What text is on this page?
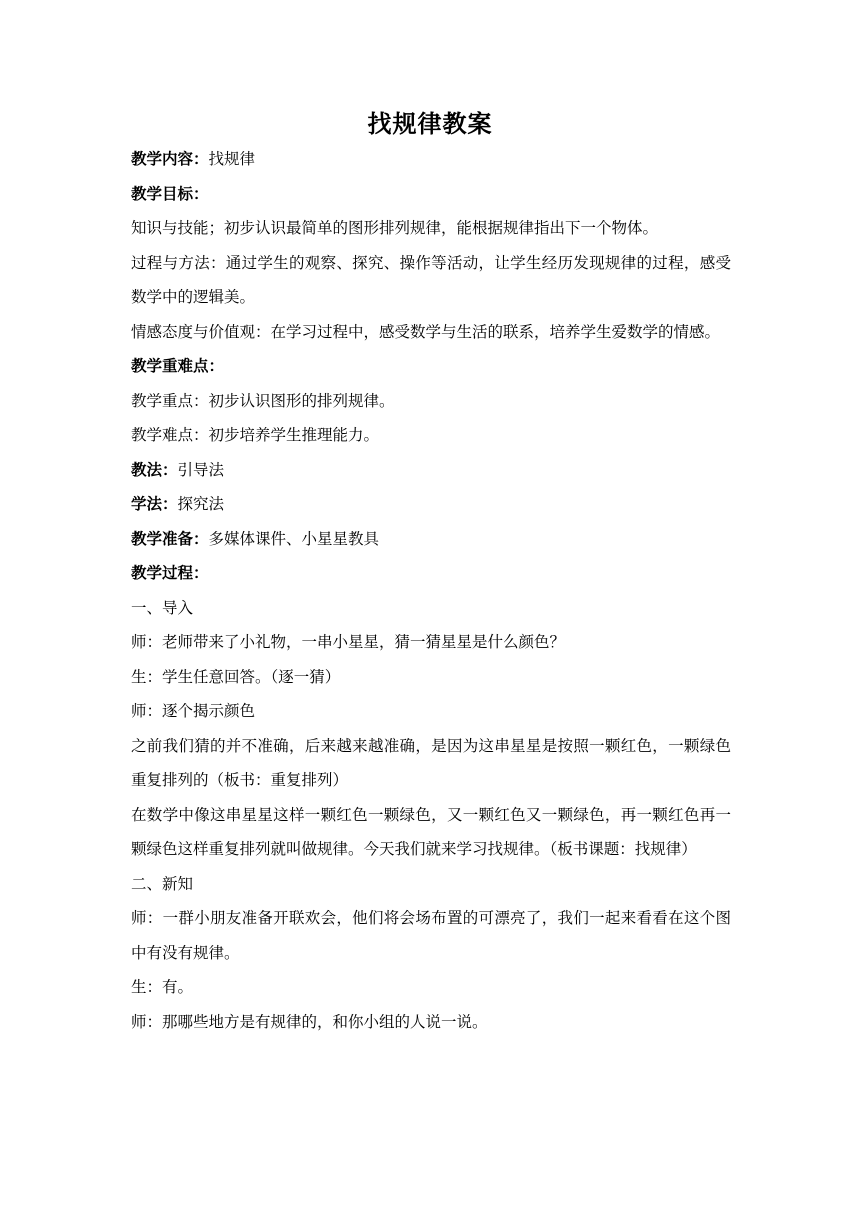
找规律教案
教学内容：找规律
教学目标：
知识与技能；初步认识最简单的图形排列规律，能根据规律指出下一个物体。
过程与方法：通过学生的观察、探究、操作等活动，让学生经历发现规律的过程，感受数学中的逻辑美。
情感态度与价值观：在学习过程中，感受数学与生活的联系，培养学生爱数学的情感。
教学重难点：
教学重点：初步认识图形的排列规律。
教学难点：初步培养学生推理能力。
教法：引导法
学法：探究法
教学准备：多媒体课件、小星星教具
教学过程：
一、导入
师：老师带来了小礼物，一串小星星，猜一猜星星是什么颜色？
生：学生任意回答。（逐一猜）
师：逐个揭示颜色
之前我们猜的并不准确，后来越来越准确，是因为这串星星是按照一颗红色，一颗绿色重复排列的（板书：重复排列）
在数学中像这串星星这样一颗红色一颗绿色，又一颗红色又一颗绿色，再一颗红色再一颗绿色这样重复排列就叫做规律。今天我们就来学习找规律。（板书课题：找规律）
二、新知
师：一群小朋友准备开联欢会，他们将会场布置的可漂亮了，我们一起来看看在这个图中有没有规律。
生：有。
师：那哪些地方是有规律的，和你小组的人说一说。
